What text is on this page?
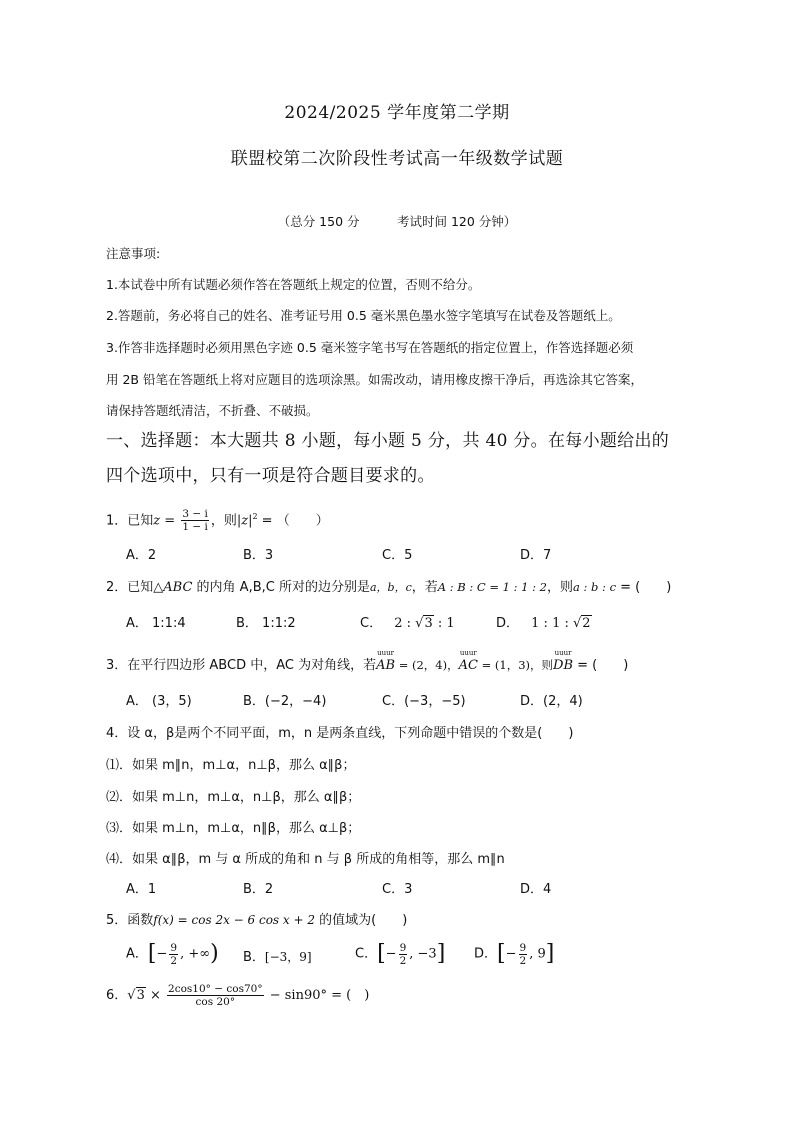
2024/2025 学年度第二学期
联盟校第二次阶段性考试高一年级数学试题
（总分 150 分　　　考试时间 120 分钟）
注意事项:
1.本试卷中所有试题必须作答在答题纸上规定的位置，否则不给分。
2.答题前，务必将自己的姓名、准考证号用 0.5 毫米黑色墨水签字笔填写在试卷及答题纸上。
3.作答非选择题时必须用黑色字迹 0.5 毫米签字笔书写在答题纸的指定位置上，作答选择题必须
用 2B 铅笔在答题纸上将对应题目的选项涂黑。如需改动，请用橡皮擦干净后，再选涂其它答案，
请保持答题纸清洁，不折叠、不破损。
一、选择题：本大题共 8 小题，每小题 5 分，共 40 分。在每小题给出的
四个选项中，只有一项是符合题目要求的。
1．已知$z = \frac{3 - i}{1 - i}$ ，则$|z|^2$ = （　　）
A．2	B．3	C．5	D．7
2．已知△ABC 的内角 A,B,C 所对的边分别是a，b，c，若A : B : C = 1 : 1 : 2，则a : b : c = (　　)
A． 1:1:4	B． 1:1:2	C． 2 : √3 : 1	D． 1 : 1 : √2
3．在平行四边形 ABCD 中，AC 为对角线，若
uuur
AB = (2，4)，
uuur
AC = (1，3)，则
uuur
DB = (　　)
A． (3，5)	B．(−2，−4)	C．(−3，−5)	D．(2，4)
4．设 α，β是两个不同平面，m，n 是两条直线，下列命题中错误的个数是(　　)
⑴．如果 m∥n，m⊥α，n⊥β，那么 α∥β；
⑵．如果 m⊥n，m⊥α，n⊥β，那么 α∥β；
⑶．如果 m⊥n，m⊥α，n∥β，那么 α⊥β；
⑷．如果 α∥β，m 与 α 所成的角和 n 与 β 所成的角相等，那么 m∥n
A．1	B．2	C．3	D．4
5．函数f(x) = cos 2x − 6 cos x + 2 的值域为(　　)
A．[− $\frac{9}{2}$ , +∞) B．[−3，9]	C．[− $\frac{9}{2}$ , −3] D．[− $\frac{9}{2}$ , 9]
6．$√3 \times \frac{2\cos 10^\circ - \cos 70^\circ}{\cos 20^\circ} - \sin 90^\circ$ = (　)
